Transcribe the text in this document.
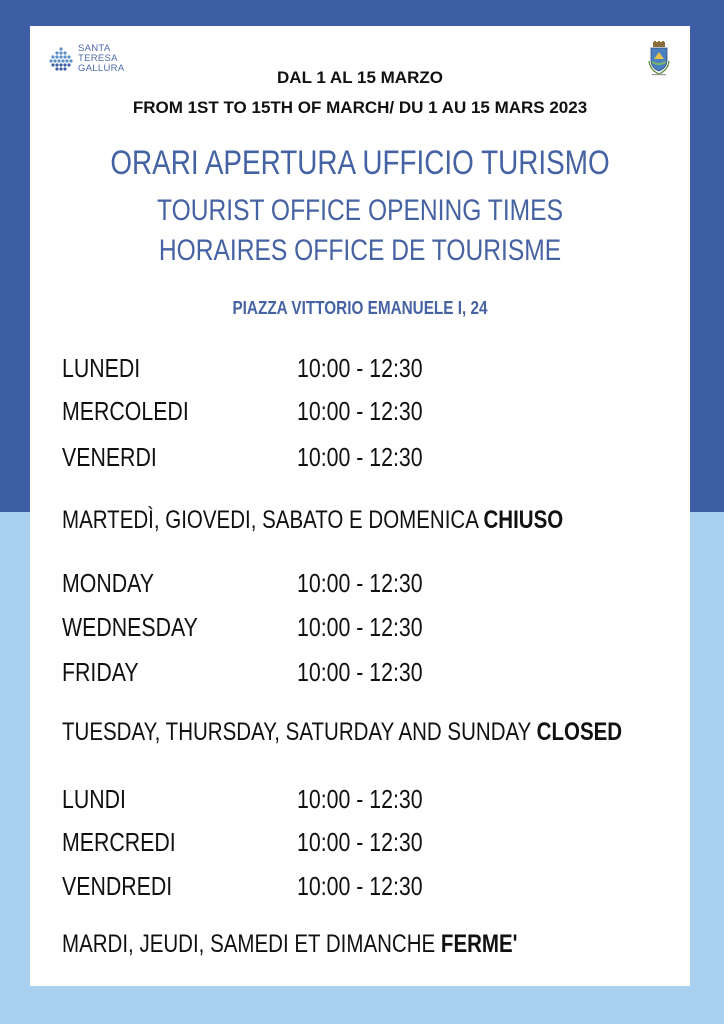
SANTA
TERESA
GALLURA	DAL 1 AL 15 MARZO
FROM 1ST TO 15TH OF MARCH/ DU 1 AU 15 MARS 2023
ORARI APERTURA UFFICIO TURISMO
TOURIST OFFICE OPENING TIMES
HORAIRES OFFICE DE TOURISME
PIAZZA VITTORIO EMANUELE I, 24
LUNEDI	10:00 - 12:30
MERCOLEDI	10:00 - 12:30
VENERDI	10:00 - 12:30
MARTEDÌ, GIOVEDI, SABATO E DOMENICA CHIUSO
MONDAY	10:00 - 12:30
WEDNESDAY	10:00 - 12:30
FRIDAY	10:00 - 12:30
TUESDAY, THURSDAY, SATURDAY AND SUNDAY CLOSED
LUNDI	10:00 - 12:30
MERCREDI	10:00 - 12:30
VENDREDI	10:00 - 12:30
MARDI, JEUDI, SAMEDI ET DIMANCHE FERME'
